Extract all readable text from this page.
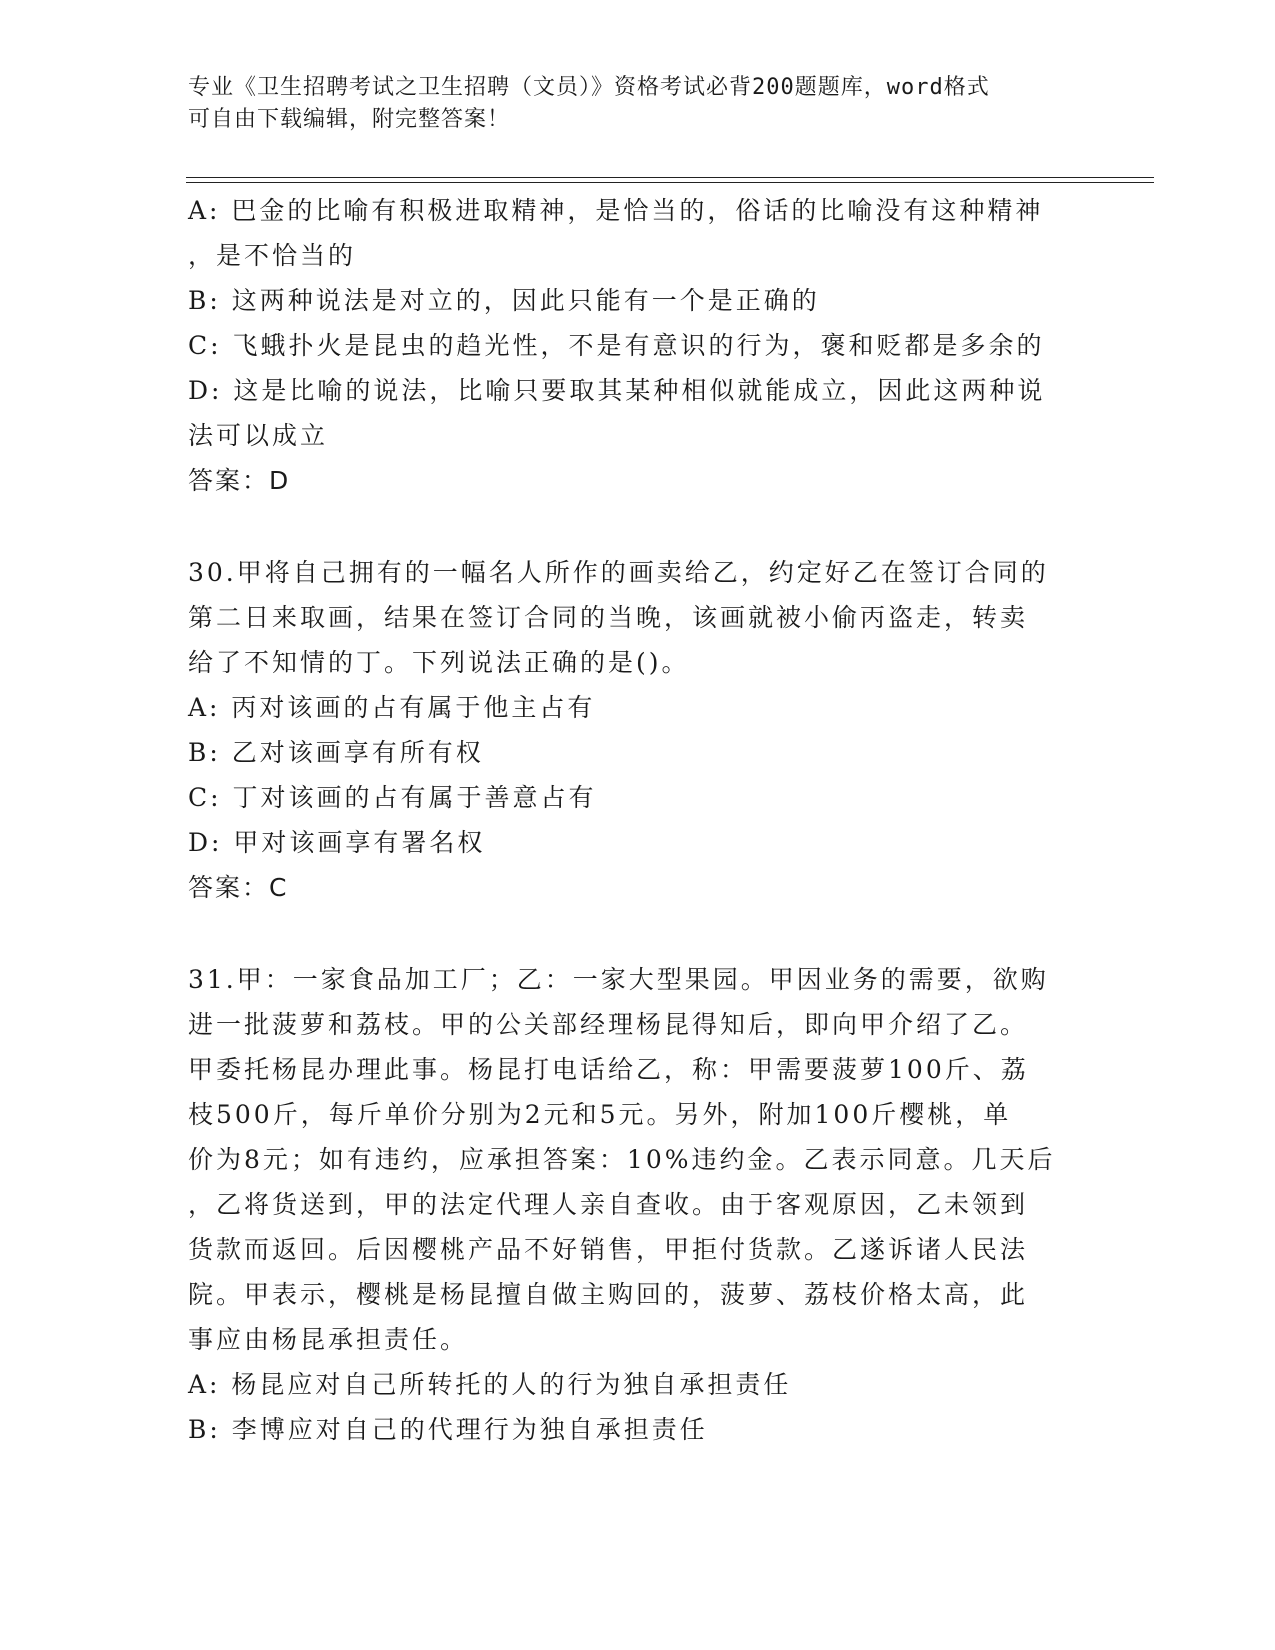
专业《卫生招聘考试之卫生招聘（文员）》资格考试必背200题题库，word格式
可自由下载编辑，附完整答案！
A: 巴金的比喻有积极进取精神，是恰当的，俗话的比喻没有这种精神
，是不恰当的
B: 这两种说法是对立的，因此只能有一个是正确的
C: 飞蛾扑火是昆虫的趋光性，不是有意识的行为，褒和贬都是多余的
D: 这是比喻的说法，比喻只要取其某种相似就能成立，因此这两种说
法可以成立
答案：D
30.甲将自己拥有的一幅名人所作的画卖给乙，约定好乙在签订合同的
第二日来取画，结果在签订合同的当晚，该画就被小偷丙盗走，转卖
给了不知情的丁。下列说法正确的是()。
A: 丙对该画的占有属于他主占有
B: 乙对该画享有所有权
C: 丁对该画的占有属于善意占有
D: 甲对该画享有署名权
答案：C
31.甲：一家食品加工厂；乙：一家大型果园。甲因业务的需要，欲购
进一批菠萝和荔枝。甲的公关部经理杨昆得知后，即向甲介绍了乙。
甲委托杨昆办理此事。杨昆打电话给乙，称：甲需要菠萝100斤、荔
枝500斤，每斤单价分别为2元和5元。另外，附加100斤樱桃，单
价为8元；如有违约，应承担答案：10%违约金。乙表示同意。几天后
，乙将货送到，甲的法定代理人亲自查收。由于客观原因，乙未领到
货款而返回。后因樱桃产品不好销售，甲拒付货款。乙遂诉诸人民法
院。甲表示，樱桃是杨昆擅自做主购回的，菠萝、荔枝价格太高，此
事应由杨昆承担责任。
A: 杨昆应对自己所转托的人的行为独自承担责任
B: 李博应对自己的代理行为独自承担责任
